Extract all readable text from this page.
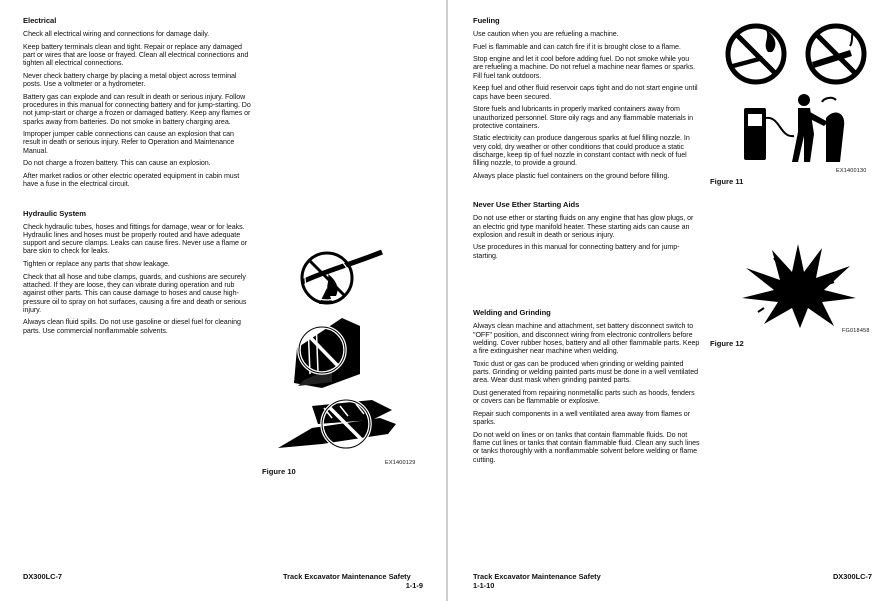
Electrical

Check all electrical wiring and connections for damage daily.

Keep battery terminals clean and tight. Repair or replace any damaged part or wires that are loose or frayed. Clean all electrical connections and tighten all electrical connections.

Never check battery charge by placing a metal object across terminal posts. Use a voltmeter or a hydrometer.

Battery gas can explode and can result in death or serious injury. Follow procedures in this manual for connecting battery and for jump-starting. Do not jump-start or charge a frozen or damaged battery. Keep any flames or sparks away from batteries. Do not smoke in battery charging area.

Improper jumper cable connections can cause an explosion that can result in death or serious injury. Refer to Operation and Maintenance Manual.

Do not charge a frozen battery. This can cause an explosion.

After market radios or other electric operated equipment in cabin must have a fuse in the electrical circuit.

Hydraulic System

Check hydraulic tubes, hoses and fittings for damage, wear or for leaks. Hydraulic lines and hoses must be properly routed and have adequate support and secure clamps. Leaks can cause fires. Never use a flame or bare skin to check for leaks.

Tighten or replace any parts that show leakage.

Check that all hose and tube clamps, guards, and cushions are securely attached. If they are loose, they can vibrate during operation and rub against other parts. This can cause damage to hoses and cause high-pressure oil to spray on hot surfaces, causing a fire and death or serious injury.

Always clean fluid spills. Do not use gasoline or diesel fuel for cleaning parts. Use commercial nonflammable solvents.

EX1400129
Figure 10
DX300LC-7	Track Excavator Maintenance Safety
1-1-9
Fueling

Use caution when you are refueling a machine.

Fuel is flammable and can catch fire if it is brought close to a flame.

Stop engine and let it cool before adding fuel. Do not smoke while you are refueling a machine. Do not refuel a machine near flames or sparks. Fill fuel tank outdoors.

Keep fuel and other fluid reservoir caps tight and do not start engine until caps have been secured.

Store fuels and lubricants in properly marked containers away from unauthorized personnel. Store oily rags and any flammable materials in protective containers.

Static electricity can produce dangerous sparks at fuel filling nozzle. In very cold, dry weather or other conditions that could produce a static discharge, keep tip of fuel nozzle in constant contact with neck of fuel filling nozzle, to provide a ground.

Always place plastic fuel containers on the ground before filling.

Never Use Ether Starting Aids

Do not use ether or starting fluids on any engine that has glow plugs, or an electric grid type manifold heater. These starting aids can cause an explosion and result in death or serious injury.

Use procedures in this manual for connecting battery and for jump-starting.

Welding and Grinding

Always clean machine and attachment, set battery disconnect switch to "OFF" position, and disconnect wiring from electronic controllers before welding. Cover rubber hoses, battery and all other flammable parts. Keep a fire extinguisher near machine when welding.

Toxic dust or gas can be produced when grinding or welding painted parts. Grinding or welding painted parts must be done in a well ventilated area. Wear dust mask when grinding painted parts.

Dust generated from repairing nonmetallic parts such as hoods, fenders or covers can be flammable or explosive.

Repair such components in a well ventilated area away from flames or sparks.

Do not weld on lines or on tanks that contain flammable fluids. Do not flame cut lines or tanks that contain flammable fluid. Clean any such lines or tanks thoroughly with a nonflammable solvent before welding or flame cutting.

EX1400130
Figure 11
FG018458
Figure 12
Track Excavator Maintenance Safety
1-1-10
DX300LC-7
